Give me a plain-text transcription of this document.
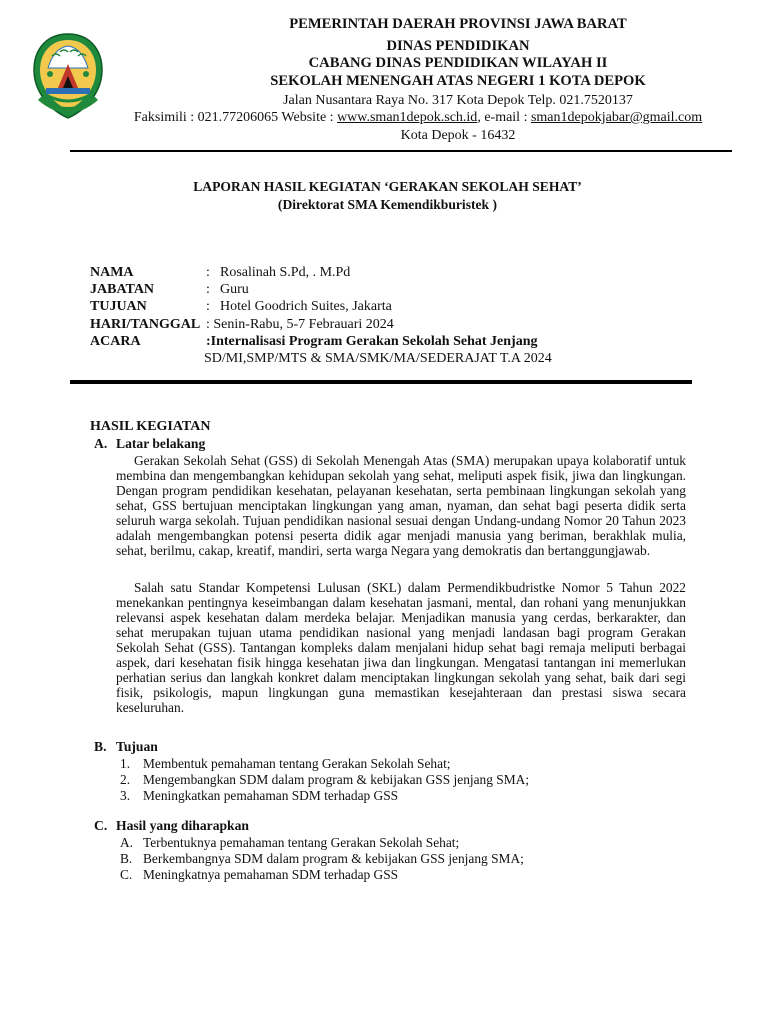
PEMERINTAH DAERAH PROVINSI JAWA BARAT
DINAS PENDIDIKAN
CABANG DINAS PENDIDIKAN WILAYAH II
SEKOLAH MENENGAH ATAS NEGERI 1 KOTA DEPOK
Jalan Nusantara Raya No. 317 Kota Depok Telp. 021.7520137
Faksimili : 021.77206065 Website : www.sman1depok.sch.id, e-mail : sman1depokjabar@gmail.com
Kota Depok - 16432
LAPORAN HASIL KEGIATAN ‘GERAKAN SEKOLAH SEHAT’
(Direktorat SMA Kemendikburistek )
NAMA	: Rosalinah S.Pd, . M.Pd
JABATAN	: Guru
TUJUAN	: Hotel Goodrich Suites, Jakarta
HARI/TANGGAL : Senin-Rabu, 5-7 Febrauari 2024
ACARA	:Internalisasi Program Gerakan Sekolah Sehat Jenjang
SD/MI,SMP/MTS & SMA/SMK/MA/SEDERAJAT T.A 2024
HASIL KEGIATAN
A. Latar belakang

Gerakan Sekolah Sehat (GSS) di Sekolah Menengah Atas (SMA) merupakan upaya kolaboratif untuk membina dan mengembangkan kehidupan sekolah yang sehat, meliputi aspek fisik, jiwa dan lingkungan. Dengan program pendidikan kesehatan, pelayanan kesehatan, serta pembinaan lingkungan sekolah yang sehat, GSS bertujuan menciptakan lingkungan yang aman, nyaman, dan sehat bagi peserta didik serta seluruh warga sekolah. Tujuan pendidikan nasional sesuai dengan Undang-undang Nomor 20 Tahun 2023 adalah mengembangkan potensi peserta didik agar menjadi manusia yang beriman, berakhlak mulia, sehat, berilmu, cakap, kreatif, mandiri, serta warga Negara yang demokratis dan bertanggungjawab.

Salah satu Standar Kompetensi Lulusan (SKL) dalam Permendikbudristke Nomor 5 Tahun 2022 menekankan pentingnya keseimbangan dalam kesehatan jasmani, mental, dan rohani yang menunjukkan relevansi aspek kesehatan dalam merdeka belajar. Menjadikan manusia yang cerdas, berkarakter, dan sehat merupakan tujuan utama pendidikan nasional yang menjadi landasan bagi program Gerakan Sekolah Sehat (GSS). Tantangan kompleks dalam menjalani hidup sehat bagi remaja meliputi berbagai aspek, dari kesehatan fisik hingga kesehatan jiwa dan lingkungan. Mengatasi tantangan ini memerlukan perhatian serius dan langkah konkret dalam menciptakan lingkungan sekolah yang sehat, baik dari segi fisik, psikologis, mapun lingkungan guna memastikan kesejahteraan dan prestasi siswa secara keseluruhan.

B. Tujuan
1. Membentuk pemahaman tentang Gerakan Sekolah Sehat;
2. Mengembangkan SDM dalam program & kebijakan GSS jenjang SMA;
3. Meningkatkan pemahaman SDM terhadap GSS
C. Hasil yang diharapkan
A. Terbentuknya pemahaman tentang Gerakan Sekolah Sehat;
B. Berkembangnya SDM dalam program & kebijakan GSS jenjang SMA;
C. Meningkatnya pemahaman SDM terhadap GSS
